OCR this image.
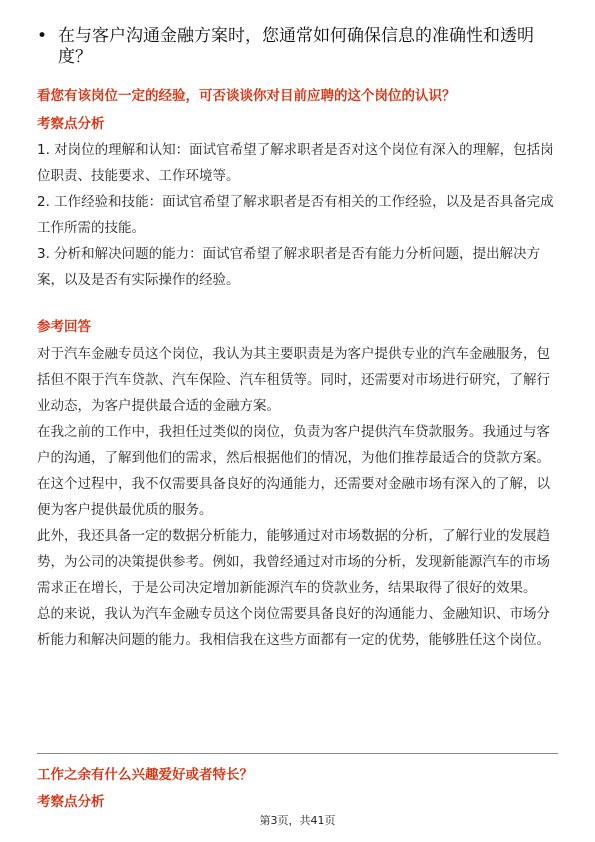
• 在与客户沟通金融方案时，您通常如何确保信息的准确性和透明度？
看您有该岗位一定的经验，可否谈谈你对目前应聘的这个岗位的认识？
考察点分析

1. 对岗位的理解和认知：面试官希望了解求职者是否对这个岗位有深入的理解，包括岗位职责、技能要求、工作环境等。

2. 工作经验和技能：面试官希望了解求职者是否有相关的工作经验，以及是否具备完成工作所需的技能。

3. 分析和解决问题的能力：面试官希望了解求职者是否有能力分析问题，提出解决方案，以及是否有实际操作的经验。

参考回答

对于汽车金融专员这个岗位，我认为其主要职责是为客户提供专业的汽车金融服务，包括但不限于汽车贷款、汽车保险、汽车租赁等。同时，还需要对市场进行研究，了解行业动态，为客户提供最合适的金融方案。

在我之前的工作中，我担任过类似的岗位，负责为客户提供汽车贷款服务。我通过与客户的沟通，了解到他们的需求，然后根据他们的情况，为他们推荐最适合的贷款方案。在这个过程中，我不仅需要具备良好的沟通能力，还需要对金融市场有深入的了解，以便为客户提供最优质的服务。

此外，我还具备一定的数据分析能力，能够通过对市场数据的分析，了解行业的发展趋势，为公司的决策提供参考。例如，我曾经通过对市场的分析，发现新能源汽车的市场需求正在增长，于是公司决定增加新能源汽车的贷款业务，结果取得了很好的效果。

总的来说，我认为汽车金融专员这个岗位需要具备良好的沟通能力、金融知识、市场分析能力和解决问题的能力。我相信我在这些方面都有一定的优势，能够胜任这个岗位。

工作之余有什么兴趣爱好或者特长？
考察点分析
第3页，共41页
